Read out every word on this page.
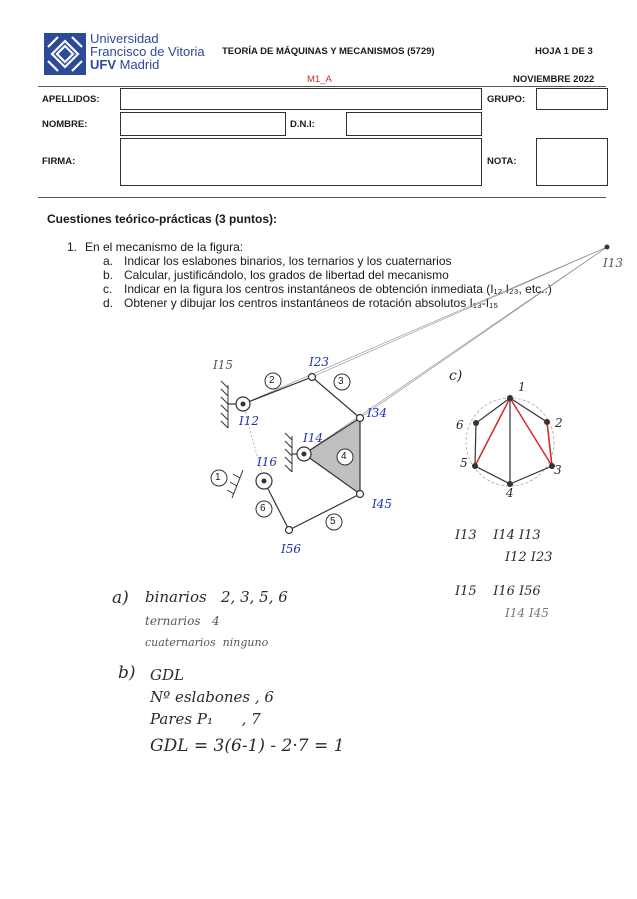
Universidad
Francisco de Vitoria
UFV Madrid
TEORÍA DE MÁQUINAS Y MECANISMOS (5729)	HOJA 1 DE 3
M1_A	NOVIEMBRE 2022
APELLIDOS:	GRUPO:
NOMBRE:	D.N.I:
FIRMA:	NOTA:
Cuestiones teórico-prácticas (3 puntos):
1. En el mecanismo de la figura:
a. Indicar los eslabones binarios, los ternarios y los cuaternarios
b. Calcular, justificándolo, los grados de libertad del mecanismo
c. Indicar en la figura los centros instantáneos de obtención inmediata (I₁₂ I₂₃, etc..)
d. Obtener y dibujar los centros instantáneos de rotación absolutos I₁₃-I₁₅
2	3
4
1
6
5
I15
I12
I23
I34
I14
I16
I45
I56
I13
c)
1
2
3
4
5
6
I13    I14 I13
I12 I23
I15    I16 I56
I14 I45
a) binarios   2, 3, 5, 6
ternarios   4
cuaternarios  ninguno
b) GDL
Nº eslabones , 6
Pares P₁      , 7
GDL = 3(6-1) - 2·7 = 1
